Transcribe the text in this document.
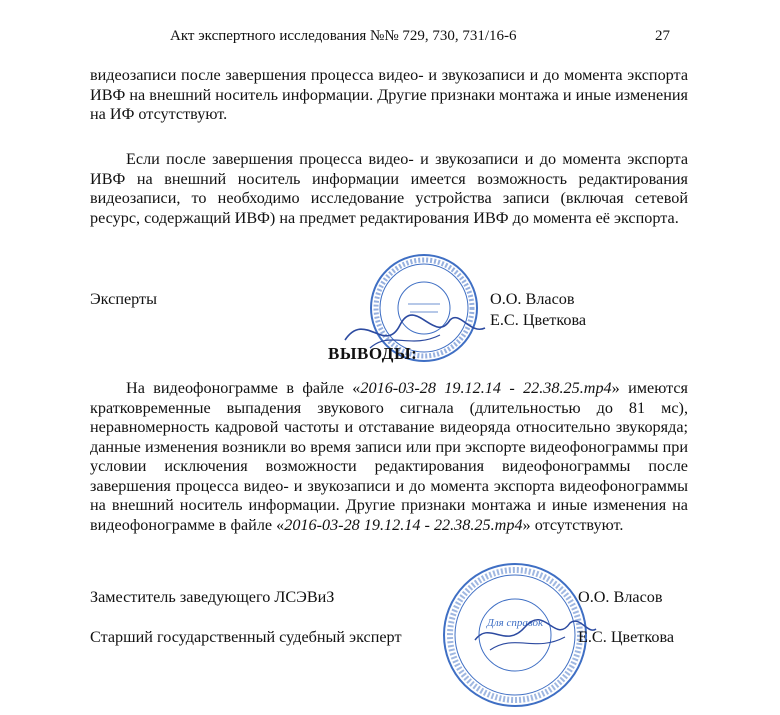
Акт экспертного исследования №№ 729, 730, 731/16-6	27

видеозаписи после завершения процесса видео- и звукозаписи и до момента экспорта ИВФ на внешний носитель информации. Другие признаки монтажа и иные изменения на ИФ отсутствуют.

Если после завершения процесса видео- и звукозаписи и до момента экспорта ИВФ на внешний носитель информации имеется возможность редактирования видеозаписи, то необходимо исследование устройства записи (включая сетевой ресурс, содержащий ИВФ) на предмет редактирования ИВФ до момента её экспорта.

Эксперты	О.О. Власов
Е.С. Цветкова
ВЫВОДЫ:

На видеофонограмме в файле «2016-03-28 19.12.14 - 22.38.25.mp4» имеются кратковременные выпадения звукового сигнала (длительностью до 81 мс), неравномерность кадровой частоты и отставание видеоряда относительно звукоряда; данные изменения возникли во время записи или при экспорте видеофонограммы при условии исключения возможности редактирования видеофонограммы после завершения процесса видео- и звукозаписи и до момента экспорта видеофонограммы на внешний носитель информации. Другие признаки монтажа и иные изменения на видеофонограмме в файле «2016-03-28 19.12.14 - 22.38.25.mp4» отсутствуют.

Для справок
Заместитель заведующего ЛСЭВиЗ	О.О. Власов
Старший государственный судебный эксперт	Е.С. Цветкова
